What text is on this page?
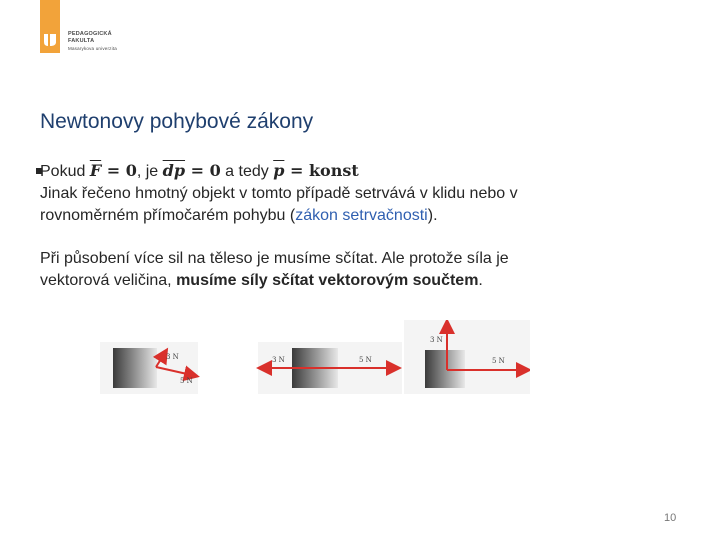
PEDAGOGICKÁ
FAKULTA
Masarykova univerzita
Newtonovy pohybové zákony

Pokud $\overline{F} = 0$, je $\overline{dp} = 0$ a tedy $\overline{p}$ = konst

Jinak řečeno hmotný objekt v tomto případě setrvává v klidu nebo v
rovnoměrném přímočarém pohybu (zákon setrvačnosti).

Při působení více sil na těleso je musíme sčítat. Ale protože síla je
vektorová veličina, musíme síly sčítat vektorovým součtem.

3 N
5 N
3 N	5 N
3 N
5 N
10
